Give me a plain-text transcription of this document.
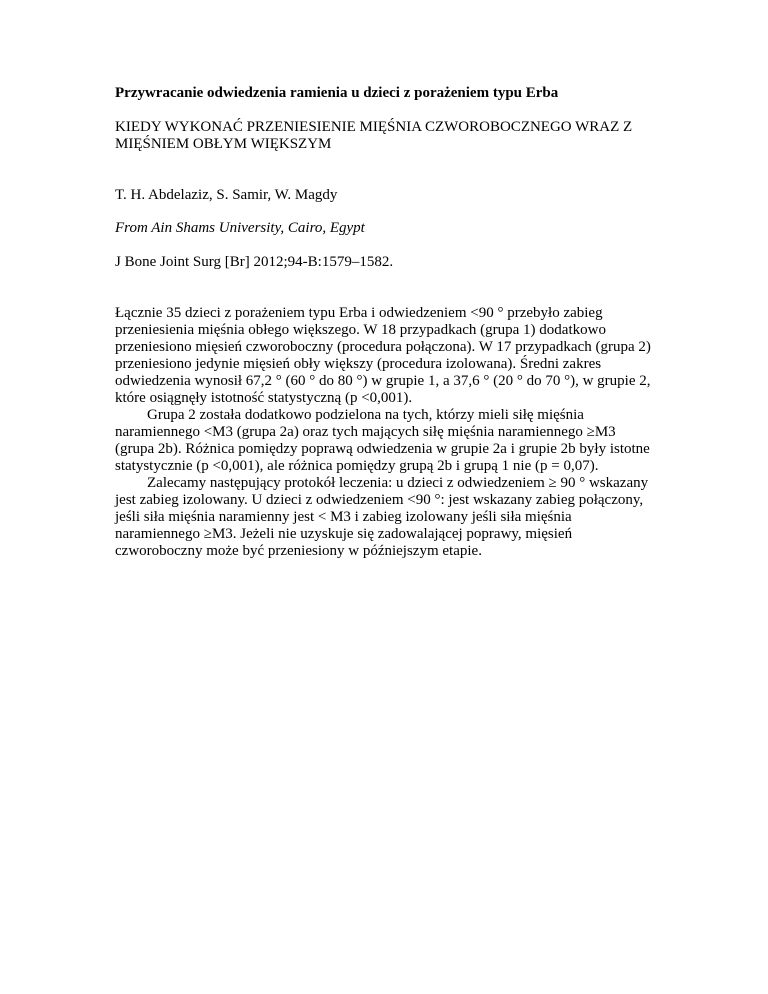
Przywracanie odwiedzenia ramienia u dzieci z porażeniem typu Erba

KIEDY WYKONAĆ PRZENIESIENIE MIĘŚNIA CZWOROBOCZNEGO WRAZ Z MIĘŚNIEM OBŁYM WIĘKSZYM

T. H. Abdelaziz, S. Samir, W. Magdy

From Ain Shams University, Cairo, Egypt

J Bone Joint Surg [Br] 2012;94-B:1579–1582.

Łącznie 35 dzieci z porażeniem typu Erba i odwiedzeniem <90 ° przebyło zabieg przeniesienia mięśnia obłego większego. W 18 przypadkach (grupa 1) dodatkowo przeniesiono mięsień czworoboczny (procedura połączona). W 17 przypadkach (grupa 2) przeniesiono jedynie mięsień obły większy (procedura izolowana). Średni zakres odwiedzenia wynosił 67,2 ° (60 ° do 80 °) w grupie 1, a 37,6 ° (20 ° do 70 °), w grupie 2, które osiągnęły istotność statystyczną (p <0,001).

Grupa 2 została dodatkowo podzielona na tych, którzy mieli siłę mięśnia naramiennego <M3 (grupa 2a) oraz tych mających siłę mięśnia naramiennego ≥M3 (grupa 2b). Różnica pomiędzy poprawą odwiedzenia w grupie 2a i grupie 2b były istotne statystycznie (p <0,001), ale różnica pomiędzy grupą 2b i grupą 1 nie (p = 0,07).

Zalecamy następujący protokół leczenia: u dzieci z odwiedzeniem ≥ 90 ° wskazany jest zabieg izolowany. U dzieci z odwiedzeniem <90 °: jest wskazany zabieg połączony, jeśli siła mięśnia naramienny jest < M3 i zabieg izolowany jeśli siła mięśnia naramiennego ≥M3. Jeżeli nie uzyskuje się zadowalającej poprawy, mięsień czworoboczny może być przeniesiony w późniejszym etapie.
